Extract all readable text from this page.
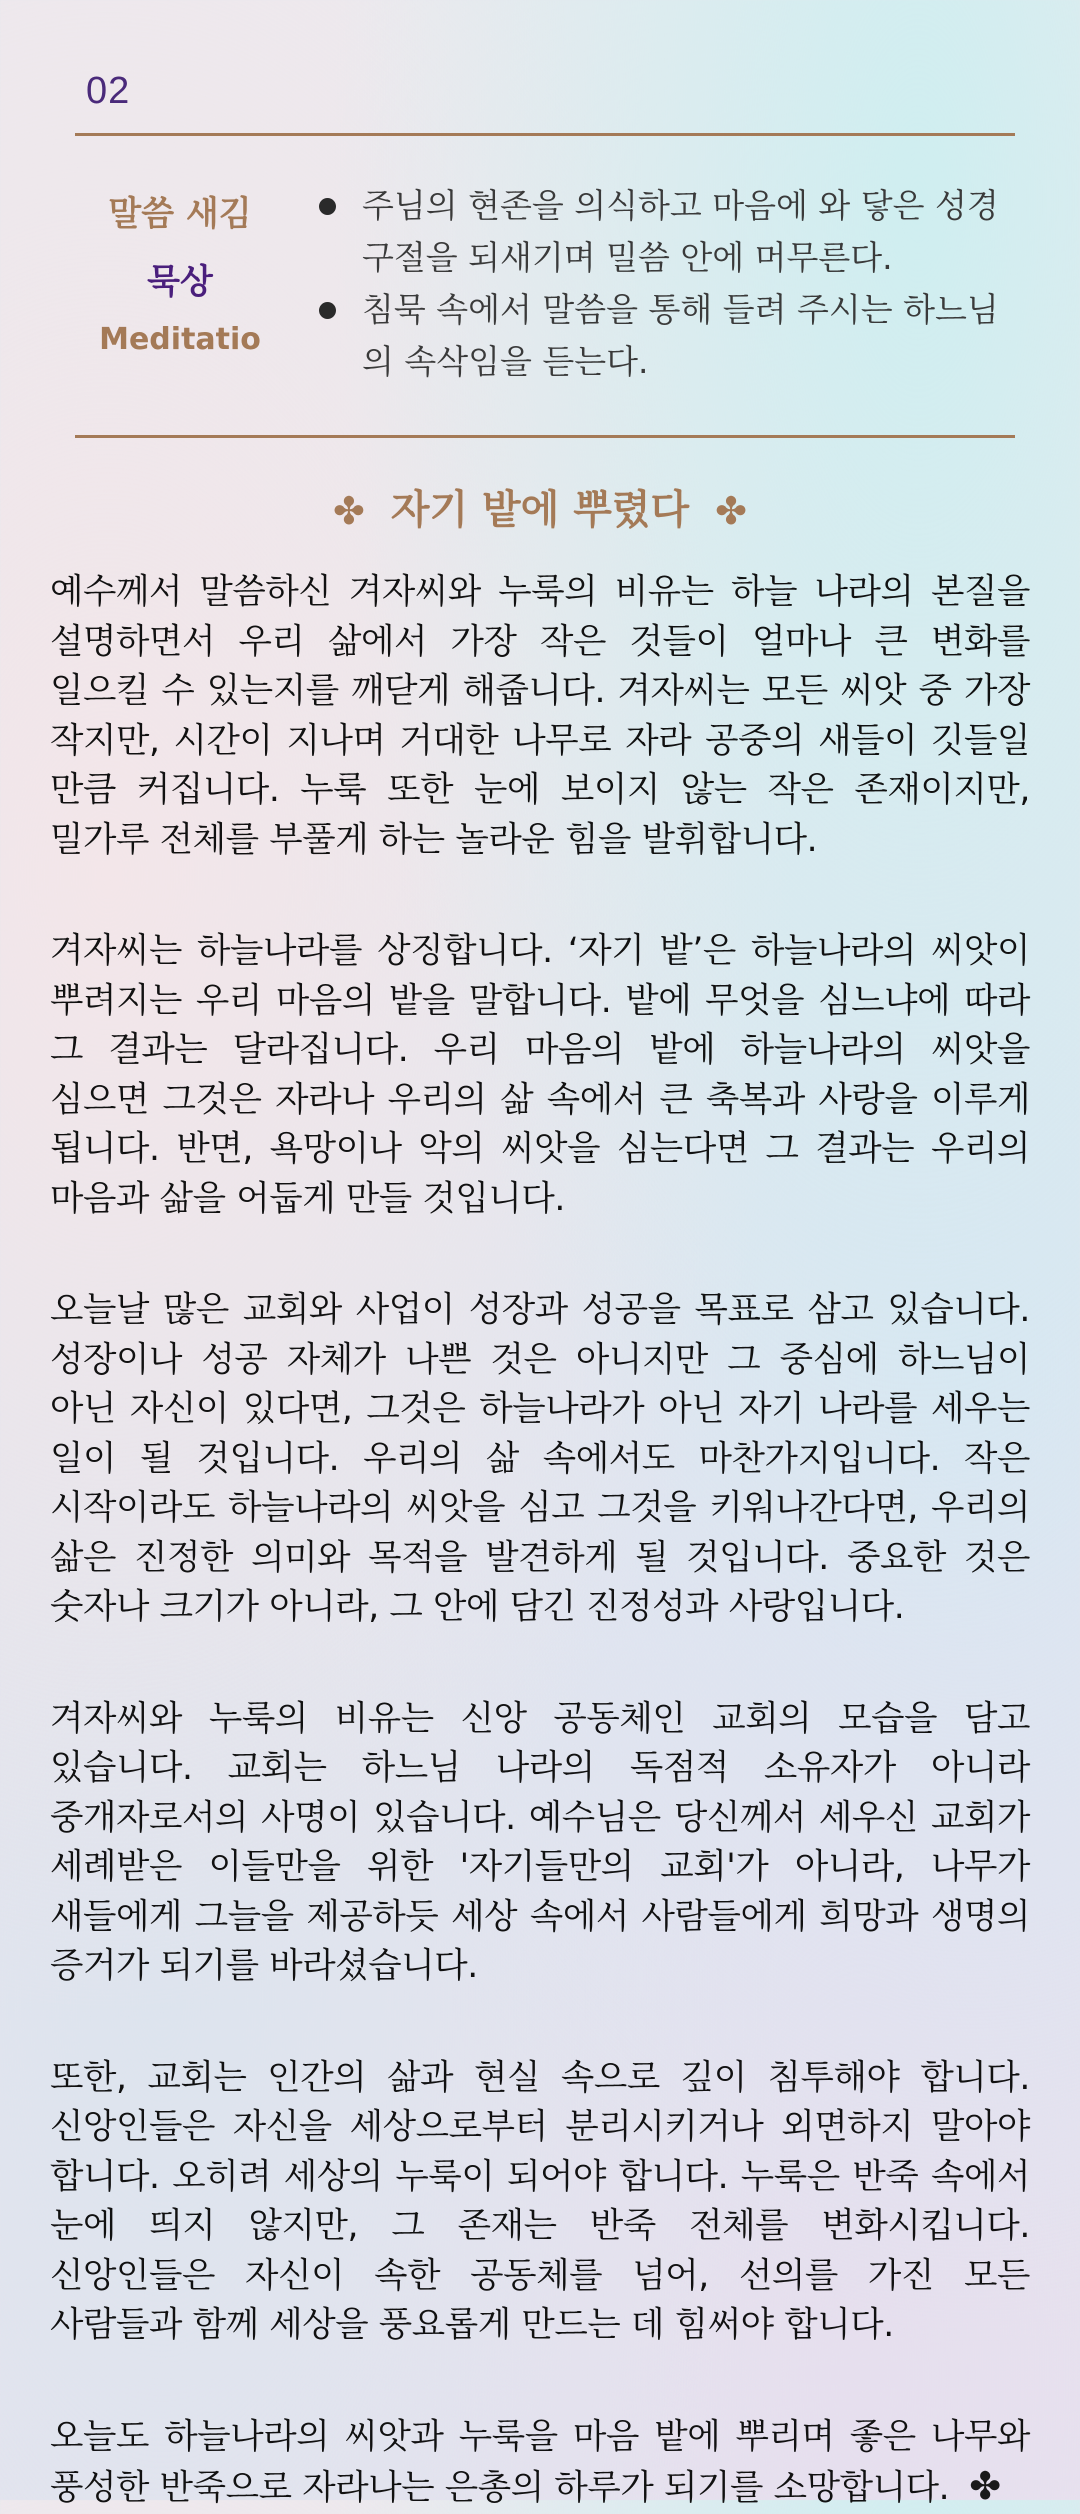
02
말씀 새김
묵상
Meditatio
주님의 현존을 의식하고 마음에 와 닿은 성경구절을 되새기며 밀씀 안에 머무른다.
침묵 속에서 말씀을 통해 들려 주시는 하느님의 속삭임을 듣는다.
✤ 자기 밭에 뿌렸다 ✤

예수께서 말씀하신 겨자씨와 누룩의 비유는 하늘 나라의 본질을 설명하면서 우리 삶에서 가장 작은 것들이 얼마나 큰 변화를 일으킬 수 있는지를 깨닫게 해줍니다. 겨자씨는 모든 씨앗 중 가장 작지만, 시간이 지나며 거대한 나무로 자라 공중의 새들이 깃들일 만큼 커집니다. 누룩 또한 눈에 보이지 않는 작은 존재이지만, 밀가루 전체를 부풀게 하는 놀라운 힘을 발휘합니다.

겨자씨는 하늘나라를 상징합니다. ‘자기 밭’은 하늘나라의 씨앗이 뿌려지는 우리 마음의 밭을 말합니다. 밭에 무엇을 심느냐에 따라 그 결과는 달라집니다. 우리 마음의 밭에 하늘나라의 씨앗을 심으면 그것은 자라나 우리의 삶 속에서 큰 축복과 사랑을 이루게 됩니다. 반면, 욕망이나 악의 씨앗을 심는다면 그 결과는 우리의 마음과 삶을 어둡게 만들 것입니다.

오늘날 많은 교회와 사업이 성장과 성공을 목표로 삼고 있습니다. 성장이나 성공 자체가 나쁜 것은 아니지만 그 중심에 하느님이 아닌 자신이 있다면, 그것은 하늘나라가 아닌 자기 나라를 세우는 일이 될 것입니다. 우리의 삶 속에서도 마찬가지입니다. 작은 시작이라도 하늘나라의 씨앗을 심고 그것을 키워나간다면, 우리의 삶은 진정한 의미와 목적을 발견하게 될 것입니다. 중요한 것은 숫자나 크기가 아니라, 그 안에 담긴 진정성과 사랑입니다.

겨자씨와 누룩의 비유는 신앙 공동체인 교회의 모습을 담고 있습니다. 교회는 하느님 나라의 독점적 소유자가 아니라 중개자로서의 사명이 있습니다. 예수님은 당신께서 세우신 교회가 세례받은 이들만을 위한 '자기들만의 교회'가 아니라, 나무가 새들에게 그늘을 제공하듯 세상 속에서 사람들에게 희망과 생명의 증거가 되기를 바라셨습니다.

또한, 교회는 인간의 삶과 현실 속으로 깊이 침투해야 합니다. 신앙인들은 자신을 세상으로부터 분리시키거나 외면하지 말아야 합니다. 오히려 세상의 누룩이 되어야 합니다. 누룩은 반죽 속에서 눈에 띄지 않지만, 그 존재는 반죽 전체를 변화시킵니다. 신앙인들은 자신이 속한 공동체를 넘어, 선의를 가진 모든 사람들과 함께 세상을 풍요롭게 만드는 데 힘써야 합니다.

오늘도 하늘나라의 씨앗과 누룩을 마음 밭에 뿌리며 좋은 나무와 풍성한 반죽으로 자라나는 은총의 하루가 되기를 소망합니다. ✤
